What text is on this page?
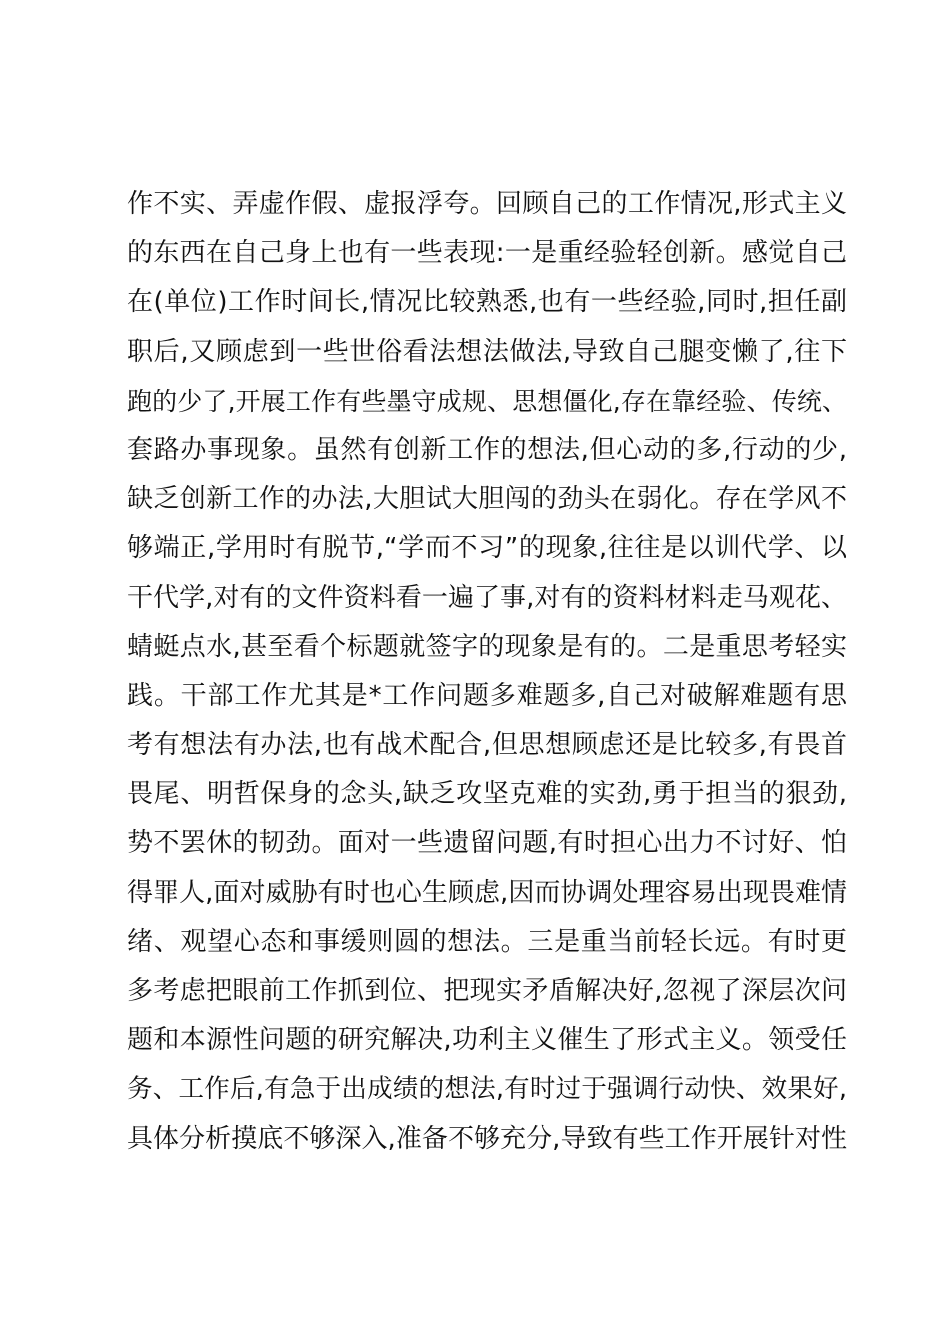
作不实、弄虚作假、虚报浮夸。回顾自己的工作情况,形式主义
的东西在自己身上也有一些表现:一是重经验轻创新。感觉自己
在(单位)工作时间长,情况比较熟悉,也有一些经验,同时,担任副
职后,又顾虑到一些世俗看法想法做法,导致自己腿变懒了,往下
跑的少了,开展工作有些墨守成规、思想僵化,存在靠经验、传统、
套路办事现象。虽然有创新工作的想法,但心动的多,行动的少,
缺乏创新工作的办法,大胆试大胆闯的劲头在弱化。存在学风不
够端正,学用时有脱节,“学而不习”的现象,往往是以训代学、以
干代学,对有的文件资料看一遍了事,对有的资料材料走马观花、
蜻蜓点水,甚至看个标题就签字的现象是有的。二是重思考轻实
践。干部工作尤其是*工作问题多难题多,自己对破解难题有思
考有想法有办法,也有战术配合,但思想顾虑还是比较多,有畏首
畏尾、明哲保身的念头,缺乏攻坚克难的实劲,勇于担当的狠劲,
势不罢休的韧劲。面对一些遗留问题,有时担心出力不讨好、怕
得罪人,面对威胁有时也心生顾虑,因而协调处理容易出现畏难情
绪、观望心态和事缓则圆的想法。三是重当前轻长远。有时更
多考虑把眼前工作抓到位、把现实矛盾解决好,忽视了深层次问
题和本源性问题的研究解决,功利主义催生了形式主义。领受任
务、工作后,有急于出成绩的想法,有时过于强调行动快、效果好,
具体分析摸底不够深入,准备不够充分,导致有些工作开展针对性
